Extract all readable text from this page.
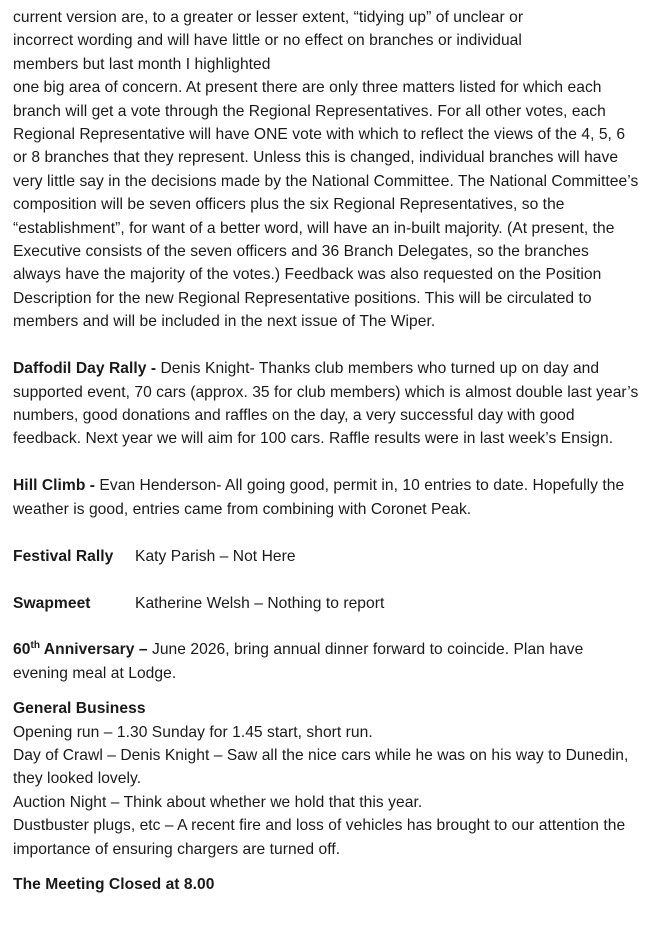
current version are, to a greater or lesser extent, “tidying up” of unclear or

incorrect wording and will have little or no effect on branches or individual

members but last month I highlighted

one big area of concern. At present there are only three matters listed for which each branch will get a vote through the Regional Representatives. For all other votes, each Regional Representative will have ONE vote with which to reflect the views of the 4, 5, 6 or 8 branches that they represent. Unless this is changed, individual branches will have very little say in the decisions made by the National Committee. The National Committee’s composition will be seven officers plus the six Regional Representatives, so the “establishment”, for want of a better word, will have an in-built majority. (At present, the Executive consists of the seven officers and 36 Branch Delegates, so the branches always have the majority of the votes.) Feedback was also requested on the Position Description for the new Regional Representative positions. This will be circulated to members and will be included in the next issue of The Wiper.

Daffodil Day Rally - Denis Knight- Thanks club members who turned up on day and supported event, 70 cars (approx. 35 for club members) which is almost double last year’s numbers, good donations and raffles on the day, a very successful day with good feedback. Next year we will aim for 100 cars. Raffle results were in last week’s Ensign.

Hill Climb - Evan Henderson- All going good, permit in, 10 entries to date. Hopefully the weather is good, entries came from combining with Coronet Peak.

Festival Rally	Katy Parish – Not Here
Swapmeet	Katherine Welsh – Nothing to report

60th Anniversary – June 2026, bring annual dinner forward to coincide. Plan have evening meal at Lodge.

General Business

Opening run – 1.30 Sunday for 1.45 start, short run.

Day of Crawl – Denis Knight – Saw all the nice cars while he was on his way to Dunedin, they looked lovely.

Auction Night – Think about whether we hold that this year.

Dustbuster plugs, etc – A recent fire and loss of vehicles has brought to our attention the importance of ensuring chargers are turned off.

The Meeting Closed at 8.00
